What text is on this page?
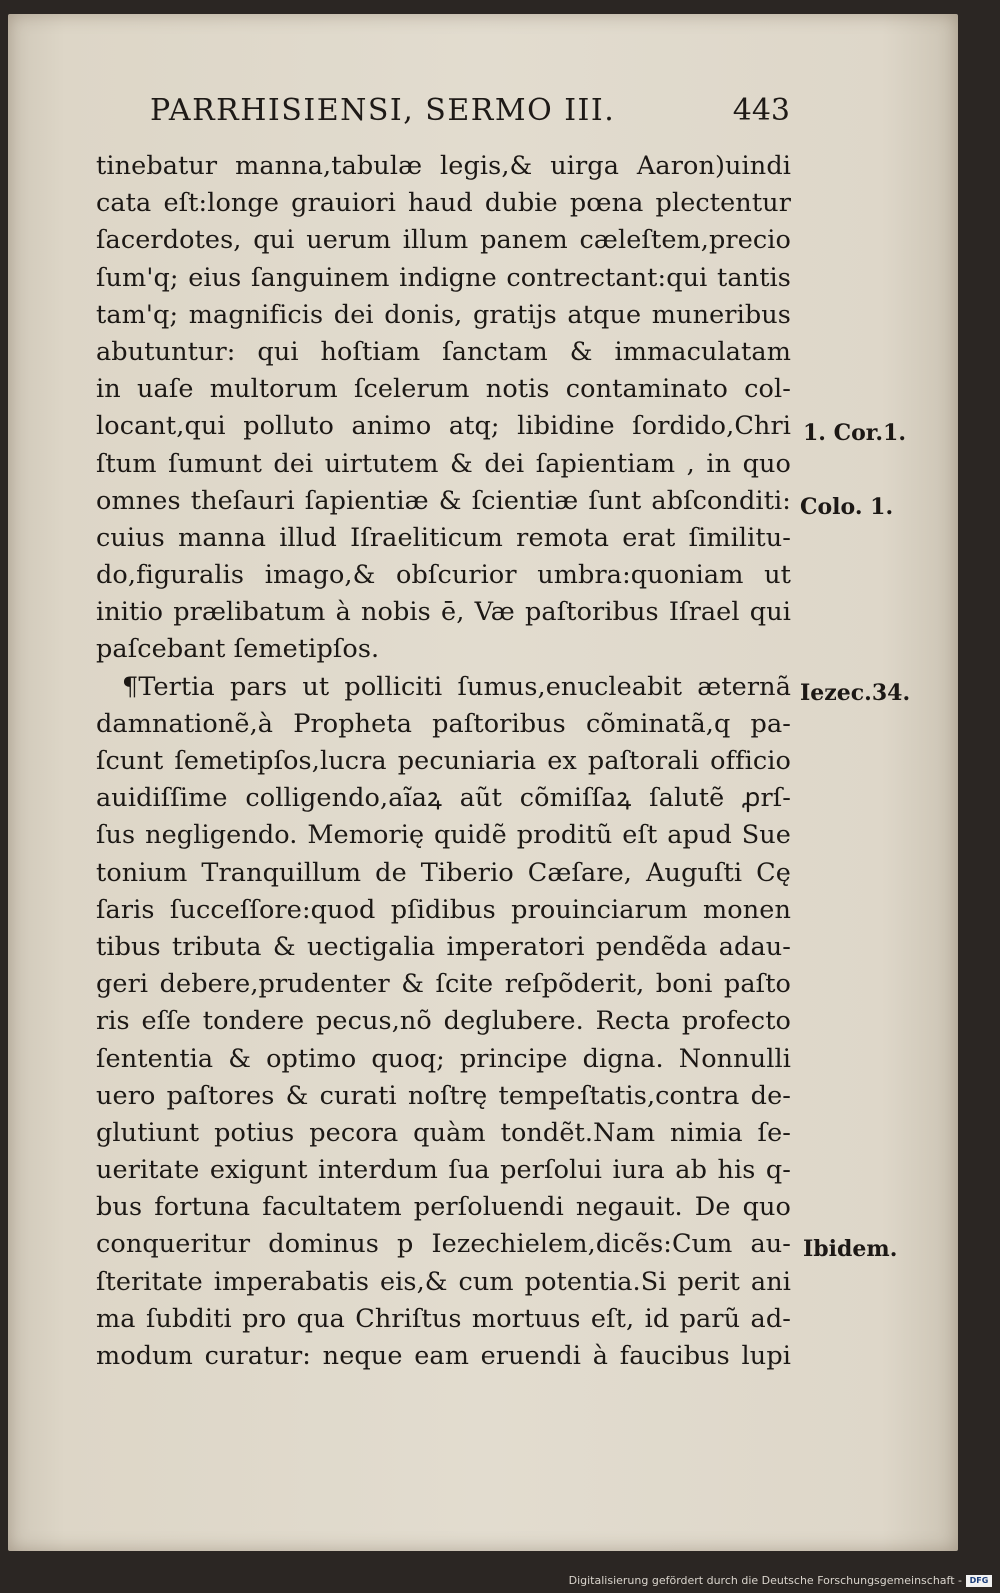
PARRHISIENSI, SERMO III.	443
tinebatur manna,tabulæ legis,& uirga Aaron)uindi
cata eſt:longe grauiori haud dubie pœna plectentur
ſacerdotes, qui uerum illum panem cæleſtem,precio
ſum'q; eius ſanguinem indigne contrectant:qui tantis
tam'q; magnificis dei donis, gratijs atque muneribus
abutuntur: qui hoſtiam ſanctam & immaculatam
in uaſe multorum ſcelerum notis contaminato col-
locant,qui polluto animo atq; libidine ſordido,Chri
ſtum ſumunt dei uirtutem & dei ſapientiam , in quo
omnes theſauri ſapientiæ & ſcientiæ ſunt abſconditi:
cuius manna illud Iſraeliticum remota erat ſimilitu-
do,figuralis imago,& obſcurior umbra:quoniam ut
initio prælibatum à nobis ē, Væ paſtoribus Iſrael qui
paſcebant ſemetipſos.
¶Tertia pars ut polliciti ſumus,enucleabit æternã
damnationẽ,à Propheta paſtoribus cõminatã,q pa-
ſcunt ſemetipſos,lucra pecuniaria ex paſtorali officio
auidiſſime colligendo,aĩaꝝ aũt cõmiſſaꝝ ſalutẽ ꝓrſ-
ſus negligendo. Memorię quidẽ proditũ eſt apud Sue
tonium Tranquillum de Tiberio Cæſare, Auguſti Cę
ſaris ſucceſſore:quod pſidibus prouinciarum monen
tibus tributa & uectigalia imperatori pendẽda adau-
geri debere,prudenter & ſcite reſpõderit, boni paſto
ris eſſe tondere pecus,nõ deglubere. Recta profecto
ſententia & optimo quoq; principe digna. Nonnulli
uero paſtores & curati noſtrę tempeſtatis,contra de-
glutiunt potius pecora quàm tondẽt.Nam nimia ſe-
ueritate exigunt interdum ſua perſolui iura ab his q-
bus fortuna facultatem perſoluendi negauit. De quo
conqueritur dominus p Iezechielem,dicẽs:Cum au-
ſteritate imperabatis eis,& cum potentia.Si perit ani
ma ſubditi pro qua Chriſtus mortuus eſt, id parũ ad-
modum curatur: neque eam eruendi à faucibus lupi
1. Cor.1.
Colo. 1.
Iezec.34.
Ibidem.
Digitalisierung gefördert durch die Deutsche Forschungsgemeinschaft - DFG
